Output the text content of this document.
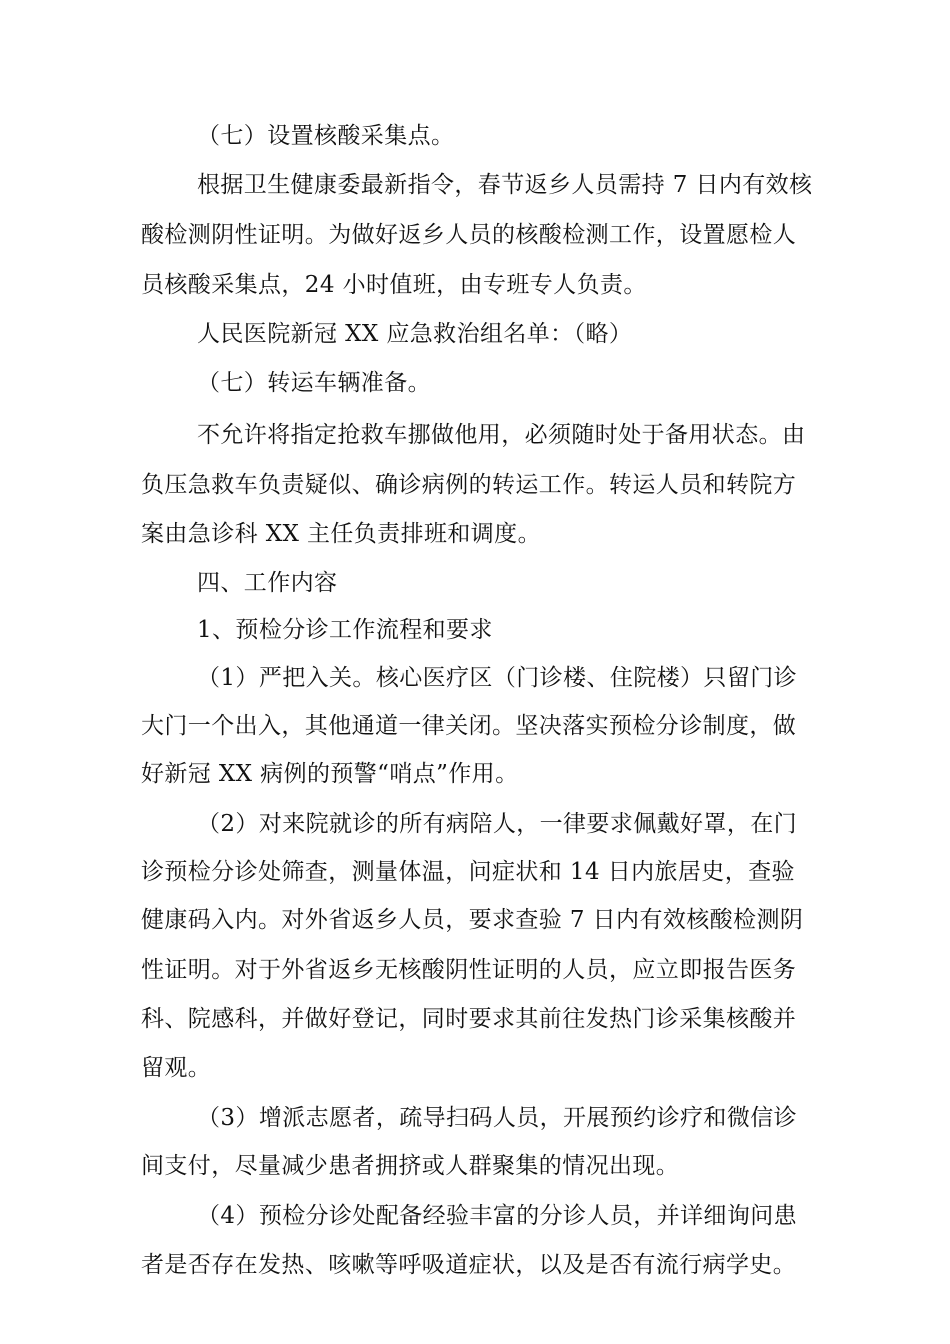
（七）设置核酸采集点。
根据卫生健康委最新指令，春节返乡人员需持 7 日内有效核
酸检测阴性证明。为做好返乡人员的核酸检测工作，设置愿检人
员核酸采集点，24 小时值班，由专班专人负责。
人民医院新冠 XX 应急救治组名单：（略）
（七）转运车辆准备。
不允许将指定抢救车挪做他用，必须随时处于备用状态。由
负压急救车负责疑似、确诊病例的转运工作。转运人员和转院方
案由急诊科 XX 主任负责排班和调度。
四、工作内容
1、预检分诊工作流程和要求
（1）严把入关。核心医疗区（门诊楼、住院楼）只留门诊
大门一个出入，其他通道一律关闭。坚决落实预检分诊制度，做
好新冠 XX 病例的预警“哨点”作用。
（2）对来院就诊的所有病陪人，一律要求佩戴好罩，在门
诊预检分诊处筛查，测量体温，问症状和 14 日内旅居史，查验
健康码入内。对外省返乡人员，要求查验 7 日内有效核酸检测阴
性证明。对于外省返乡无核酸阴性证明的人员，应立即报告医务
科、院感科，并做好登记，同时要求其前往发热门诊采集核酸并
留观。
（3）增派志愿者，疏导扫码人员，开展预约诊疗和微信诊
间支付，尽量减少患者拥挤或人群聚集的情况出现。
（4）预检分诊处配备经验丰富的分诊人员，并详细询问患
者是否存在发热、咳嗽等呼吸道症状，以及是否有流行病学史。
